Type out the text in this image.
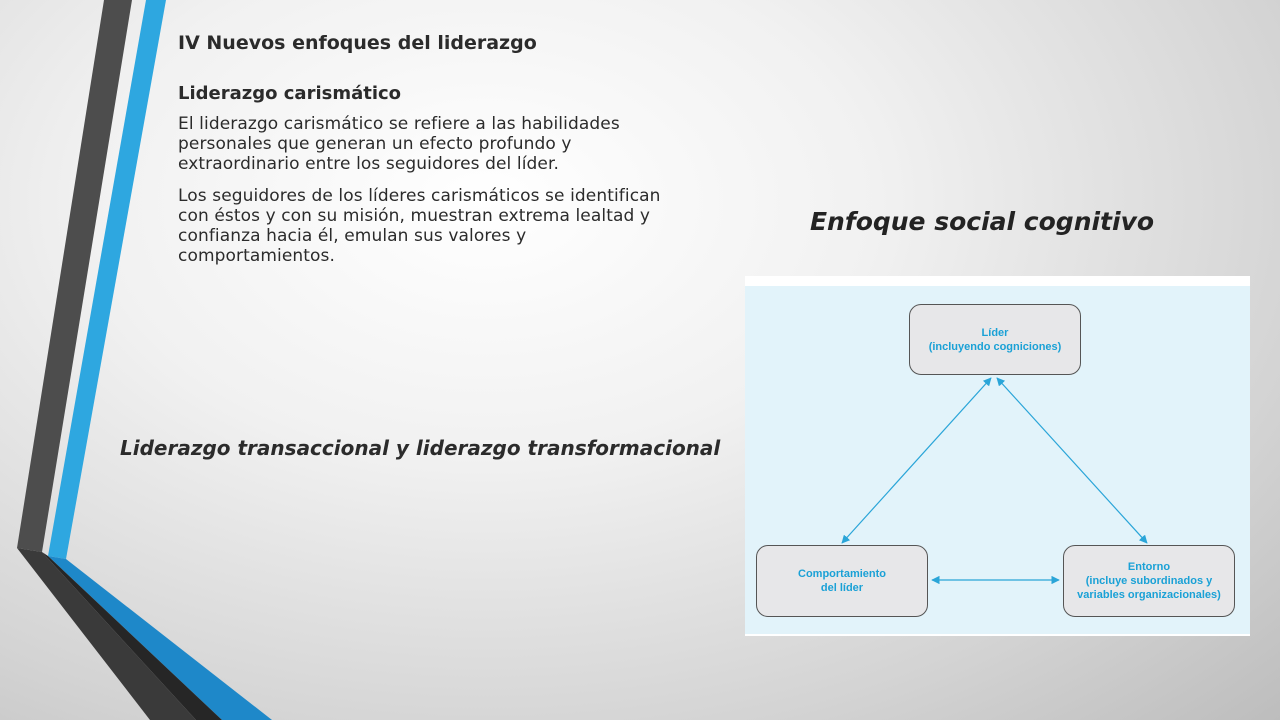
IV Nuevos enfoques del liderazgo

Liderazgo carismático

El liderazgo carismático se refiere a las habilidades personales que generan un efecto profundo y extraordinario entre los seguidores del líder.

Los seguidores de los líderes carismáticos se identifican con éstos y con su misión, muestran extrema lealtad y confianza hacia él, emulan sus valores y comportamientos.

Liderazgo transaccional y liderazgo transformacional
Enfoque social cognitivo
Líder
(incluyendo cogniciones)
Comportamiento
del líder
Entorno
(incluye subordinados y
variables organizacionales)
